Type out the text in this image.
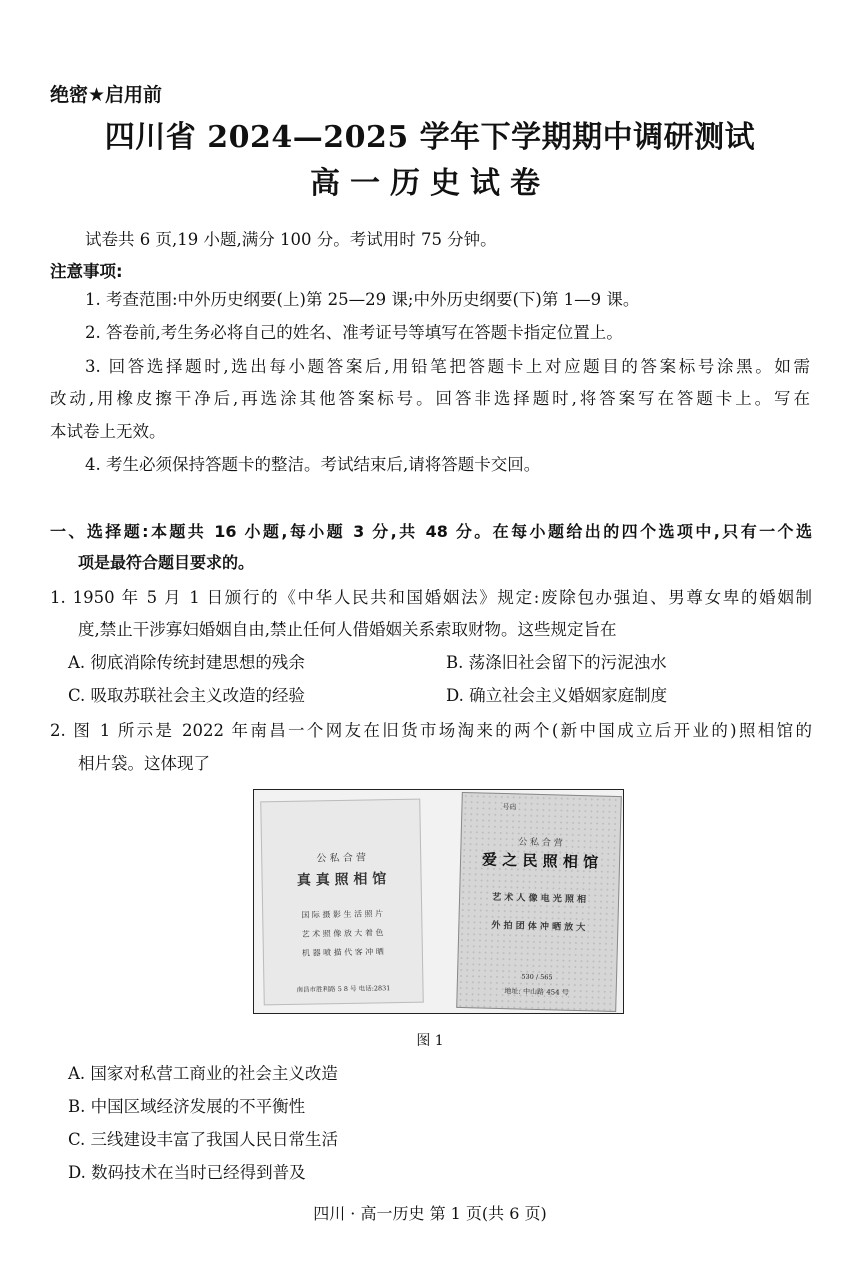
绝密★启用前
四川省 2024—2025 学年下学期期中调研测试
高一历史试卷
试卷共 6 页,19 小题,满分 100 分。考试用时 75 分钟。
注意事项:
1. 考查范围:中外历史纲要(上)第 25—29 课;中外历史纲要(下)第 1—9 课。
2. 答卷前,考生务必将自己的姓名、准考证号等填写在答题卡指定位置上。
3. 回答选择题时,选出每小题答案后,用铅笔把答题卡上对应题目的答案标号涂黑。如需
改动,用橡皮擦干净后,再选涂其他答案标号。回答非选择题时,将答案写在答题卡上。写在
本试卷上无效。
4. 考生必须保持答题卡的整洁。考试结束后,请将答题卡交回。
一、选择题:本题共 16 小题,每小题 3 分,共 48 分。在每小题给出的四个选项中,只有一个选
项是最符合题目要求的。
1. 1950 年 5 月 1 日颁行的《中华人民共和国婚姻法》规定:废除包办强迫、男尊女卑的婚姻制
度,禁止干涉寡妇婚姻自由,禁止任何人借婚姻关系索取财物。这些规定旨在
A. 彻底消除传统封建思想的残余	B. 荡涤旧社会留下的污泥浊水
C. 吸取苏联社会主义改造的经验	D. 确立社会主义婚姻家庭制度
2. 图 1 所示是 2022 年南昌一个网友在旧货市场淘来的两个(新中国成立后开业的)照相馆的
相片袋。这体现了
公 私 合 营
真 真 照 相 馆
国 际 摄 影 生 活 照 片
艺 术 照 像 放 大 着 色
机 器 喷 描 代 客 冲 晒
南昌市胜利路 5 8 号 电话:2831
号码
公 私 合 营
爱 之 民 照 相 馆
艺 术 人 像 电 光 照 相
外 拍 团 体 冲 晒 放 大
530 / 565
地址: 中山路 454 号
图 1
A. 国家对私营工商业的社会主义改造
B. 中国区域经济发展的不平衡性
C. 三线建设丰富了我国人民日常生活
D. 数码技术在当时已经得到普及
四川 · 高一历史 第 1 页(共 6 页)
